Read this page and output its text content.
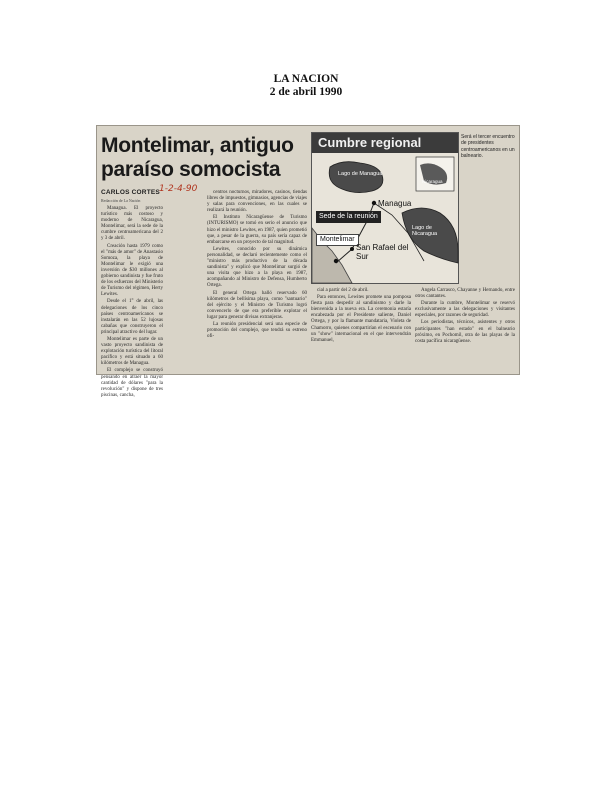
LA NACION
2 de abril 1990
Montelimar, antiguo paraíso somocista
CARLOS CORTES 1-2-4-90
Redacción de La Nación

Managua. El proyecto turístico más costoso y moderno de Nicaragua, Montelimar, será la sede de la cumbre centroamericana del 2 y 3 de abril.

Creación hasta 1979 como el "más de amor" de Anastasio Somoza, la playa de Montelimar le exigió una inversión de $30 millones al gobierno sandinista y fue fruto de los esfuerzos del Ministerio de Turismo del régimen, Herty Lewites.

Desde el 1° de abril, las delegaciones de los cinco países centroamericanos se instalarán en las 52 lujosas cabañas que construyeron el principal atractivo del lugar.

Montelimar es parte de un vasto proyecto sandinista de explotación turística del litoral pacífico y está situado a 60 kilómetros de Managua.

El complejo se construyó pensando en atraer la mayor cantidad de dólares "para la revolución" y dispone de tres piscinas, cancha,

centros nocturnos, miradores, casinos, tiendas libres de impuestos, gimnasios, agencias de viajes y salas para convenciones, en las cuales se realizará la reunión.

El Instituto Nicaragüense de Turismo (INTURISMO) se tomó en serio el anuncio que hizo el ministro Lewites, en 1987, quien prometió que, a pesar de la guerra, su país sería capaz de embarcarse en un proyecto de tal magnitud.

Lewites, conocido por su dinámica personalidad, se declaró recientemente como el "ministro más productivo de la década sandinista" y explicó que Montelimar surgió de una visita que hizo a la playa en 1987, acompañando al Ministro de Defensa, Humberto Ortega.

El general Ortega halló reservado 60 kilómetros de bellísima playa, como "santuario" del ejército y el Ministro de Turismo logró convencerlo de que era preferible explotar el lugar para generar divisas extranjeras.

La reunión presidencial será una especie de promoción del complejo, que tendrá su estreno ofi-

cial a partir del 2 de abril.

Para entonces, Lewites promete una pomposa fiesta para despedir al sandinismo y darle la bienvenida a la nueva era. La ceremonia estaría encabezada por el Presidente saliente, Daniel Ortega, y por la flamante mandataria, Violeta de Chamorro, quienes compartirían el escenario con un "show" internacional en el que intervendrán Emmanuel,

Angela Carrasco, Chayanne y Hernando, entre otros cantantes.

Durante la cumbre, Montelimar se reservó exclusivamente a las delegaciones y visitantes especiales, por razones de seguridad.

Los periodistas, técnicos, asistentes y otros participantes "han estado" en el balneario próximo, en Pochomil, otra de las playas de la costa pacífica nicaragüense.

Cumbre regional
Lago de Managua
Managua
Lago de Nicaragua
Sede de la reunión
Montelimar
San Rafael del Sur
Nicaragua
Será el tercer encuentro de presidentes centroamericanos en un balneario.
